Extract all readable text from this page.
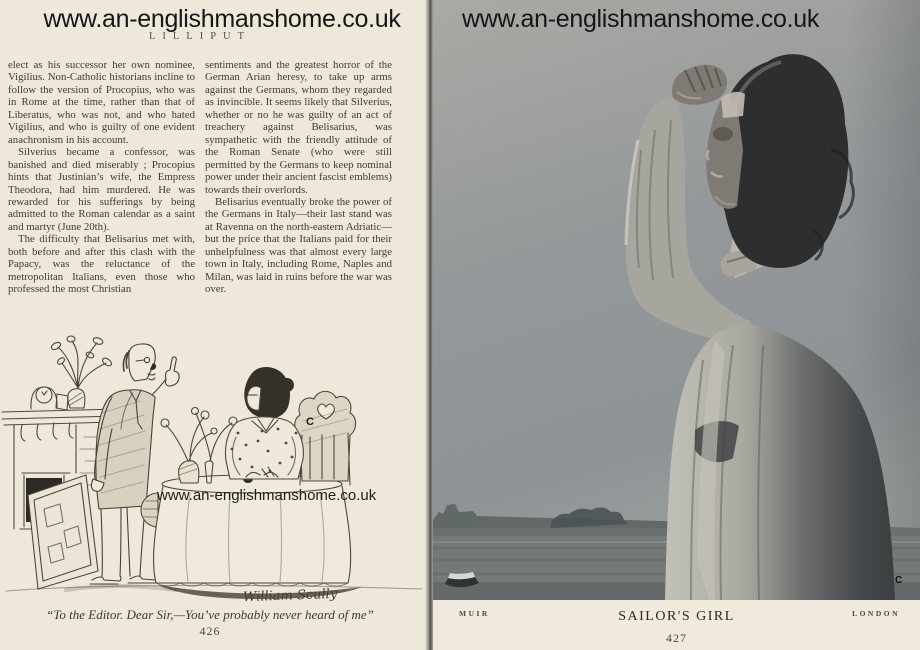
www.an-englishmanshome.co.uk
LILLIPUT

elect as his successor her own nominee, Vigilius. Non-Catholic historians incline to follow the version of Procopius, who was in Rome at the time, rather than that of Liberatus, who was not, and who hated Vigilius, and who is guilty of one evident anachronism in his account.

Silverius became a confessor, was banished and died miserably ; Procopius hints that Justinian’s wife, the Empress Theodora, had him murdered. He was rewarded for his sufferings by being admitted to the Roman calendar as a saint and martyr (June 20th).

The difficulty that Belisarius met with, both before and after this clash with the Papacy, was the reluctance of the metropolitan Italians, even those who professed the most Christian

sentiments and the greatest horror of the German Arian heresy, to take up arms against the Germans, whom they regarded as invincible. It seems likely that Silverius, whether or no he was guilty of an act of treachery against Belisarius, was sympathetic with the friendly attitude of the Roman Senate (who were still permitted by the Germans to keep nominal power under their ancient fascist emblems) towards their overlords.

Belisarius eventually broke the power of the Germans in Italy—their last stand was at Ravenna on the north-eastern Adriatic—but the price that the Italians paid for their unhelpfulness was that almost every large town in Italy, including Rome, Naples and Milan, was laid in ruins before the war was over.

www.an-englishmanshome.co.uk
C
William Scully
“To the Editor. Dear Sir,—You’ve probably never heard of me”
426
www.an-englishmanshome.co.uk
C
MUIR	LONDON
SAILOR'S GIRL
427
